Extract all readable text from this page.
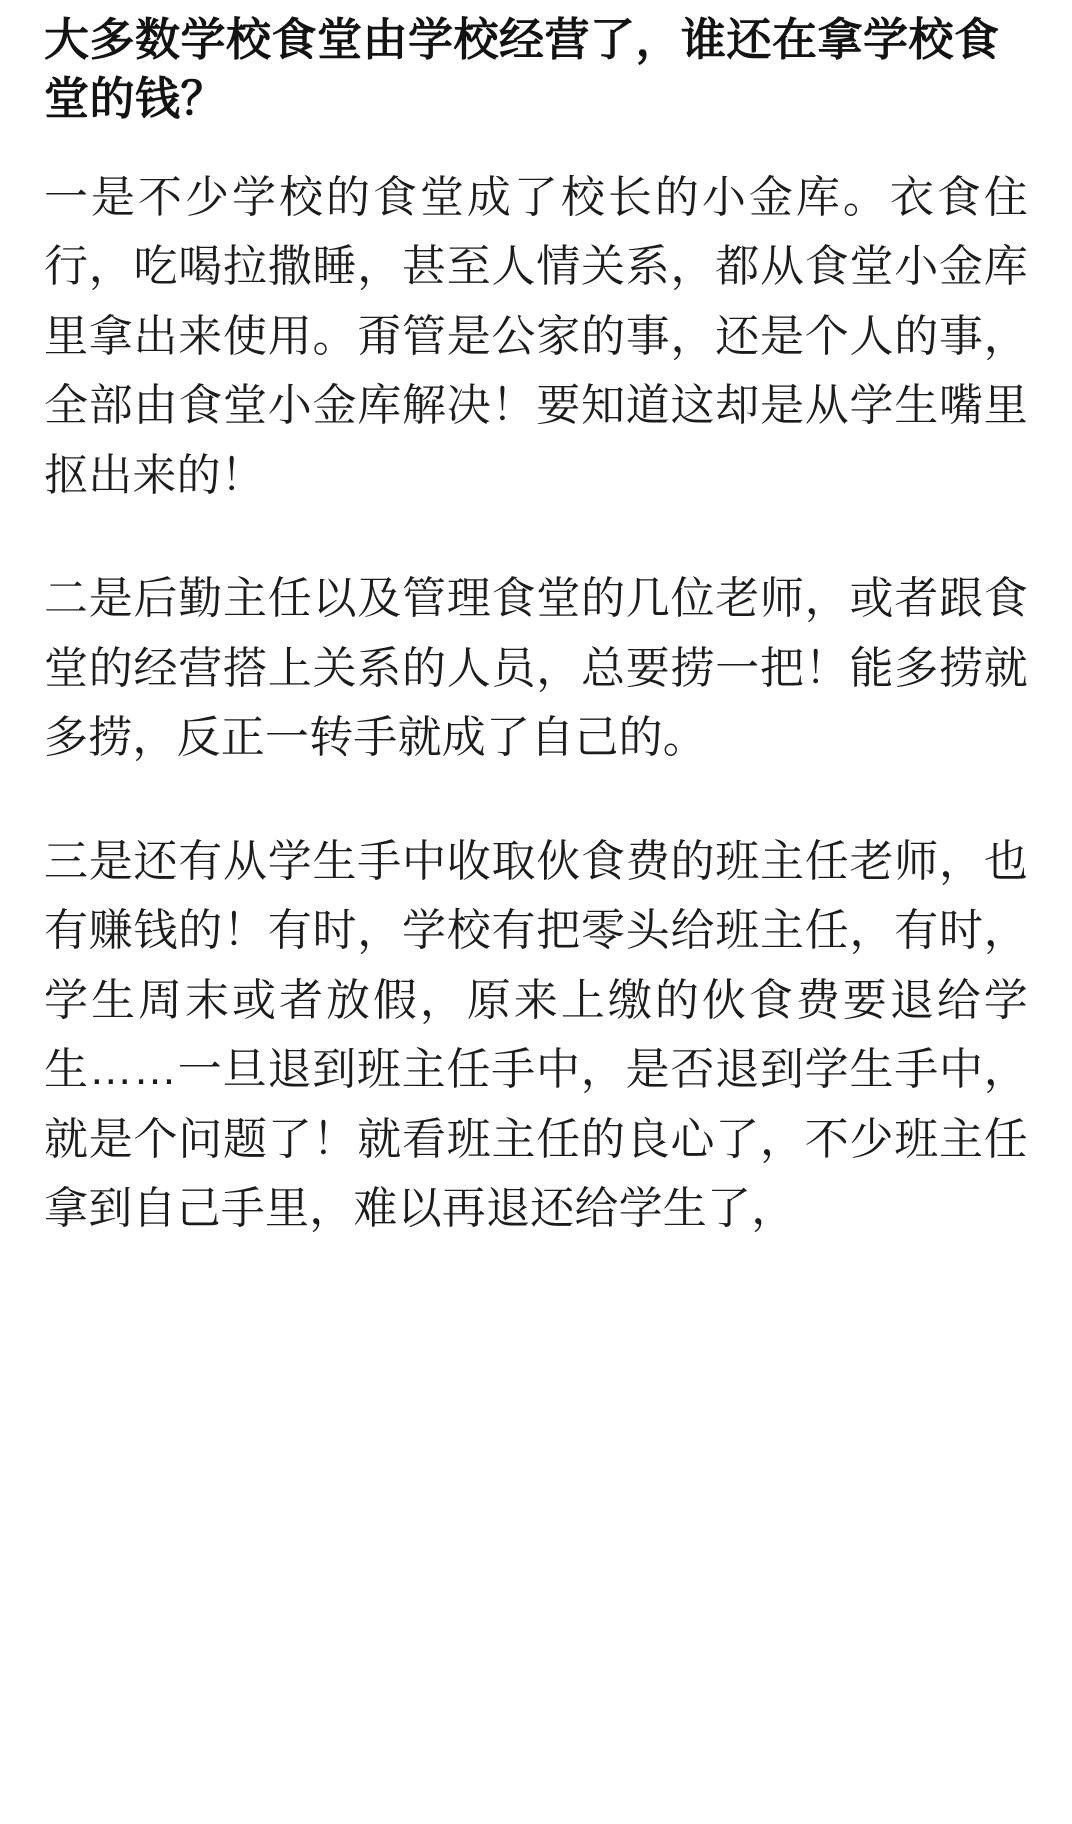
大多数学校食堂由学校经营了，谁还在拿学校食堂的钱？

一是不少学校的食堂成了校长的小金库。衣食住行，吃喝拉撒睡，甚至人情关系，都从食堂小金库里拿出来使用。甭管是公家的事，还是个人的事，全部由食堂小金库解决！要知道这却是从学生嘴里抠出来的！

二是后勤主任以及管理食堂的几位老师，或者跟食堂的经营搭上关系的人员，总要捞一把！能多捞就多捞，反正一转手就成了自己的。

三是还有从学生手中收取伙食费的班主任老师，也有赚钱的！有时，学校有把零头给班主任，有时，学生周末或者放假，原来上缴的伙食费要退给学生……一旦退到班主任手中，是否退到学生手中，就是个问题了！就看班主任的良心了，不少班主任拿到自己手里，难以再退还给学生了，
